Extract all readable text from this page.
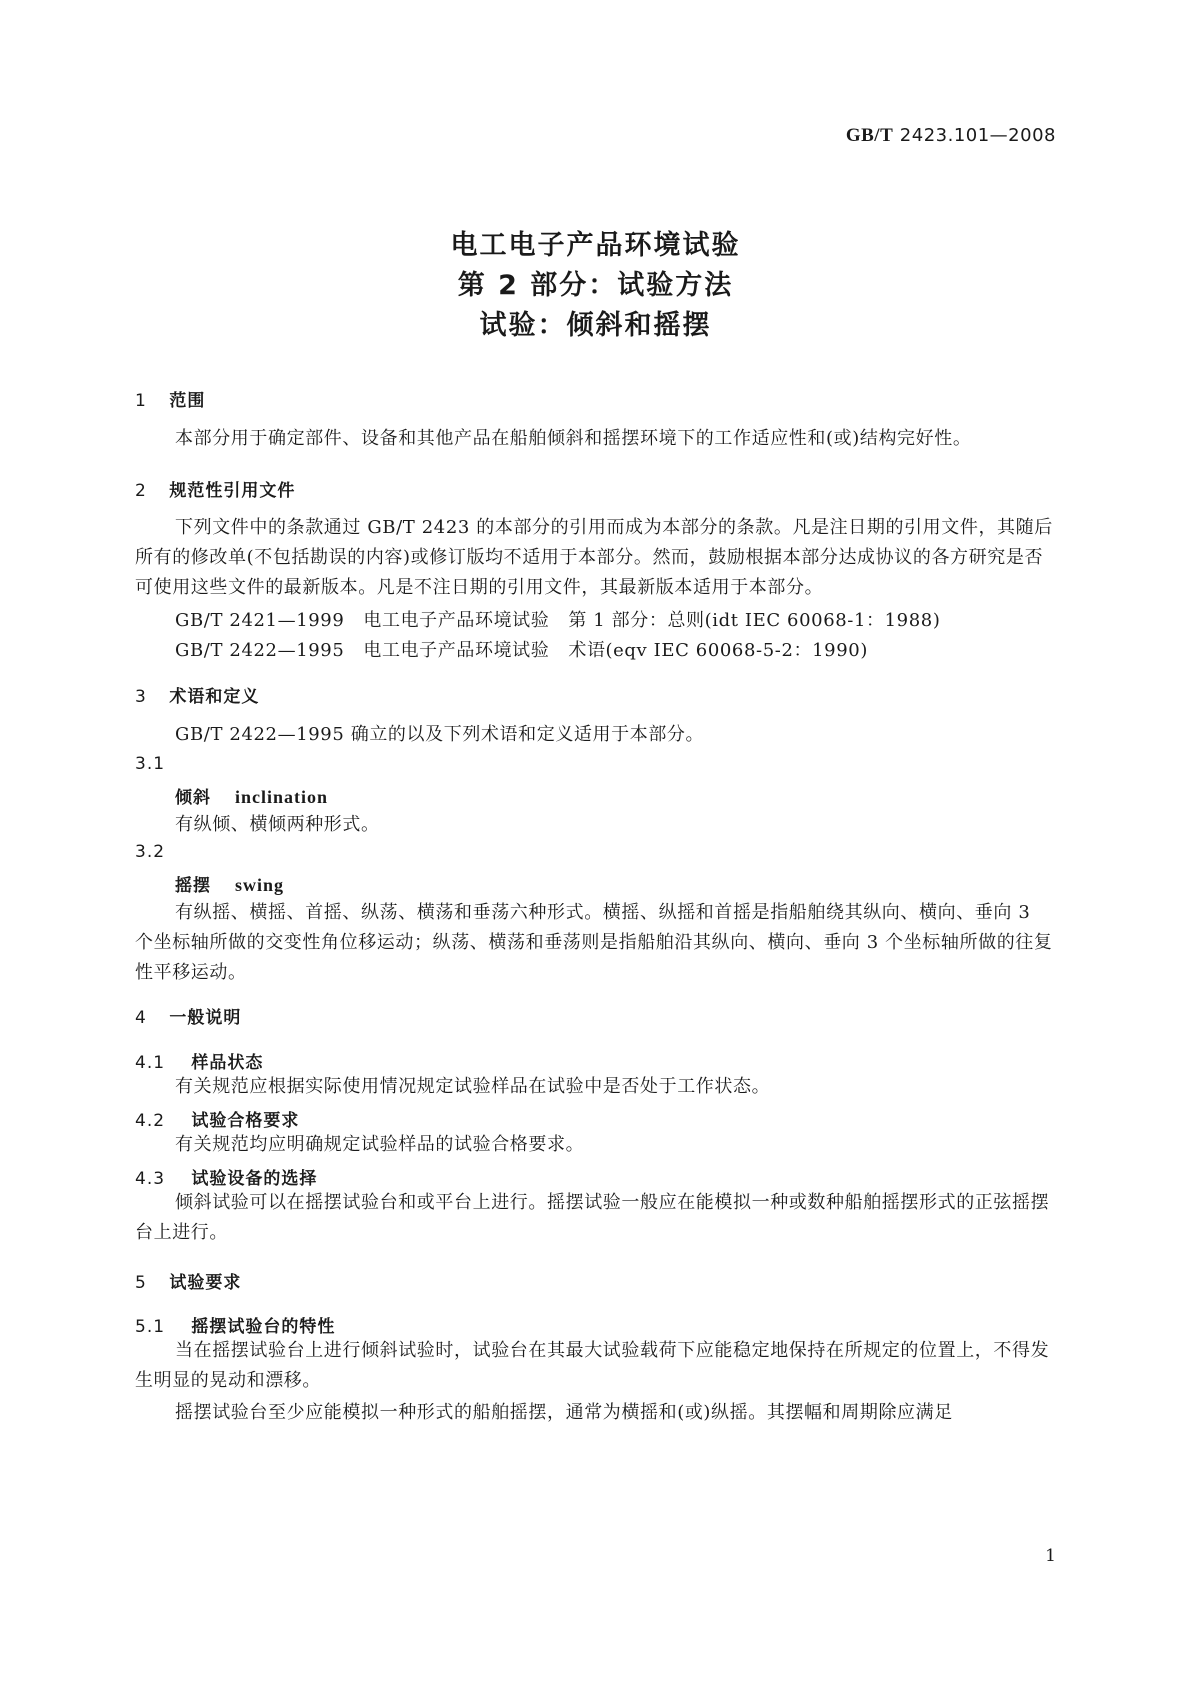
GB/T 2423.101—2008
电工电子产品环境试验
第 2 部分：试验方法
试验：倾斜和摇摆
1 范围
本部分用于确定部件、设备和其他产品在船舶倾斜和摇摆环境下的工作适应性和(或)结构完好性。
2 规范性引用文件
下列文件中的条款通过 GB/T 2423 的本部分的引用而成为本部分的条款。凡是注日期的引用文件，其随后所有的修改单(不包括勘误的内容)或修订版均不适用于本部分。然而，鼓励根据本部分达成协议的各方研究是否可使用这些文件的最新版本。凡是不注日期的引用文件，其最新版本适用于本部分。
GB/T 2421—1999   电工电子产品环境试验   第 1 部分：总则(idt IEC 60068-1：1988)
GB/T 2422—1995   电工电子产品环境试验   术语(eqv IEC 60068-5-2：1990)
3 术语和定义
GB/T 2422—1995 确立的以及下列术语和定义适用于本部分。
3.1
倾斜 inclination
有纵倾、横倾两种形式。
3.2
摇摆 swing
有纵摇、横摇、首摇、纵荡、横荡和垂荡六种形式。横摇、纵摇和首摇是指船舶绕其纵向、横向、垂向 3 个坐标轴所做的交变性角位移运动；纵荡、横荡和垂荡则是指船舶沿其纵向、横向、垂向 3 个坐标轴所做的往复性平移运动。
4 一般说明
4.1 样品状态
有关规范应根据实际使用情况规定试验样品在试验中是否处于工作状态。
4.2 试验合格要求
有关规范均应明确规定试验样品的试验合格要求。
4.3 试验设备的选择
倾斜试验可以在摇摆试验台和或平台上进行。摇摆试验一般应在能模拟一种或数种船舶摇摆形式的正弦摇摆台上进行。
5 试验要求
5.1 摇摆试验台的特性
当在摇摆试验台上进行倾斜试验时，试验台在其最大试验载荷下应能稳定地保持在所规定的位置上，不得发生明显的晃动和漂移。
摇摆试验台至少应能模拟一种形式的船舶摇摆，通常为横摇和(或)纵摇。其摆幅和周期除应满足
1
